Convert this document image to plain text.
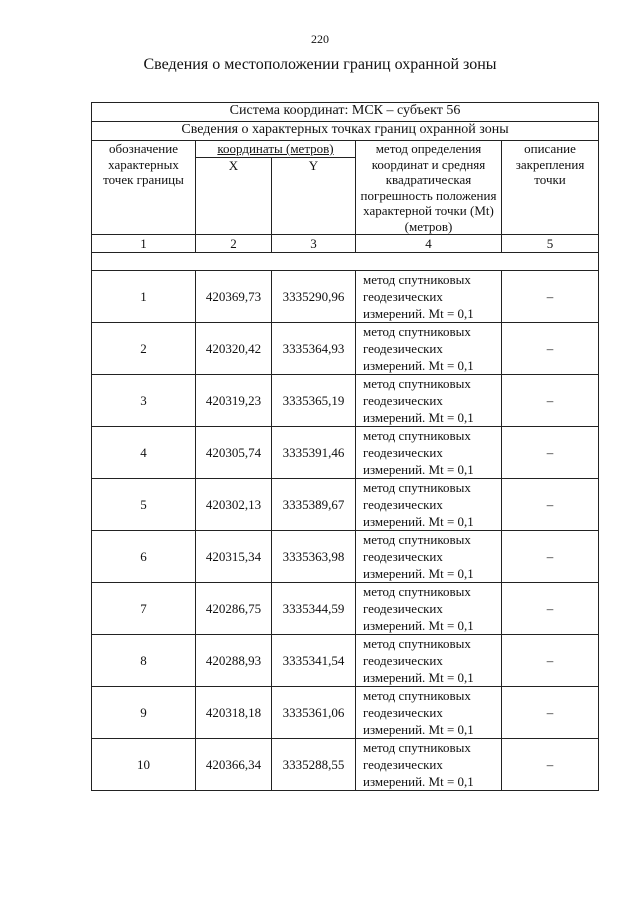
220
Сведения о местоположении границ охранной зоны
Система координат: МСК – субъект 56				
Сведения о характерных точках границ охранной зоны				
обозначение характерных точек границы	координаты (метров)		метод определения координат и средняя квадратическая погрешность положения характерной точки (Mt) (метров)	описание закрепления точки
	X	Y		
1	2	3	4	5

1	420369,73	3335290,96	метод спутниковых геодезических измерений. Mt = 0,1	–
2	420320,42	3335364,93	метод спутниковых геодезических измерений. Mt = 0,1	–
3	420319,23	3335365,19	метод спутниковых геодезических измерений. Mt = 0,1	–
4	420305,74	3335391,46	метод спутниковых геодезических измерений. Mt = 0,1	–
5	420302,13	3335389,67	метод спутниковых геодезических измерений. Mt = 0,1	–
6	420315,34	3335363,98	метод спутниковых геодезических измерений. Mt = 0,1	–
7	420286,75	3335344,59	метод спутниковых геодезических измерений. Mt = 0,1	–
8	420288,93	3335341,54	метод спутниковых геодезических измерений. Mt = 0,1	–
9	420318,18	3335361,06	метод спутниковых геодезических измерений. Mt = 0,1	–
10	420366,34	3335288,55	метод спутниковых геодезических измерений. Mt = 0,1	–
